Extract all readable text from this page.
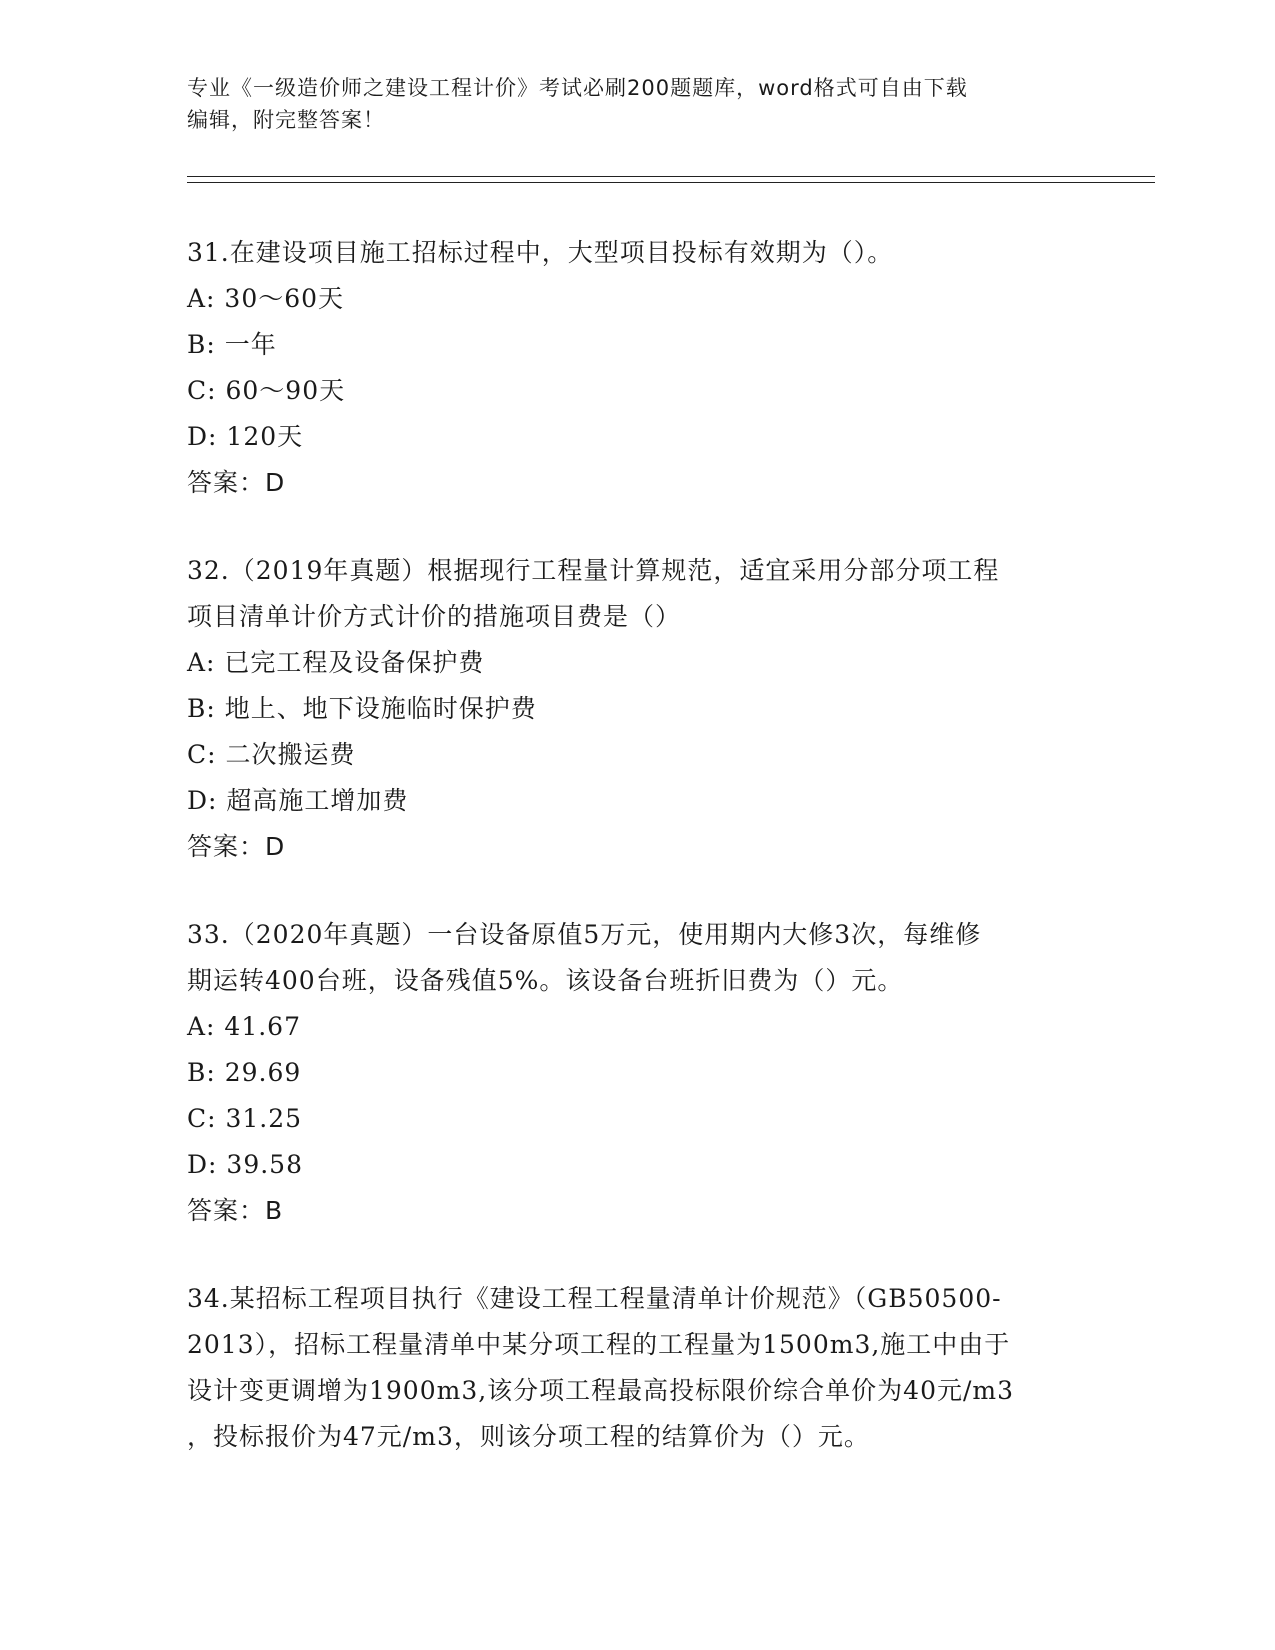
专业《一级造价师之建设工程计价》考试必刷200题题库，word格式可自由下载
编辑，附完整答案！
31.在建设项目施工招标过程中，大型项目投标有效期为（）。
A: 30～60天
B: 一年
C: 60～90天
D: 120天
答案：D
32.（2019年真题）根据现行工程量计算规范，适宜采用分部分项工程
项目清单计价方式计价的措施项目费是（）
A: 已完工程及设备保护费
B: 地上、地下设施临时保护费
C: 二次搬运费
D: 超高施工增加费
答案：D
33.（2020年真题）一台设备原值5万元，使用期内大修3次，每维修
期运转400台班，设备残值5%。该设备台班折旧费为（）元。
A: 41.67
B: 29.69
C: 31.25
D: 39.58
答案：B
34.某招标工程项目执行《建设工程工程量清单计价规范》（GB50500-
2013），招标工程量清单中某分项工程的工程量为1500m3,施工中由于
设计变更调增为1900m3,该分项工程最高投标限价综合单价为40元/m3
，投标报价为47元/m3，则该分项工程的结算价为（）元。
